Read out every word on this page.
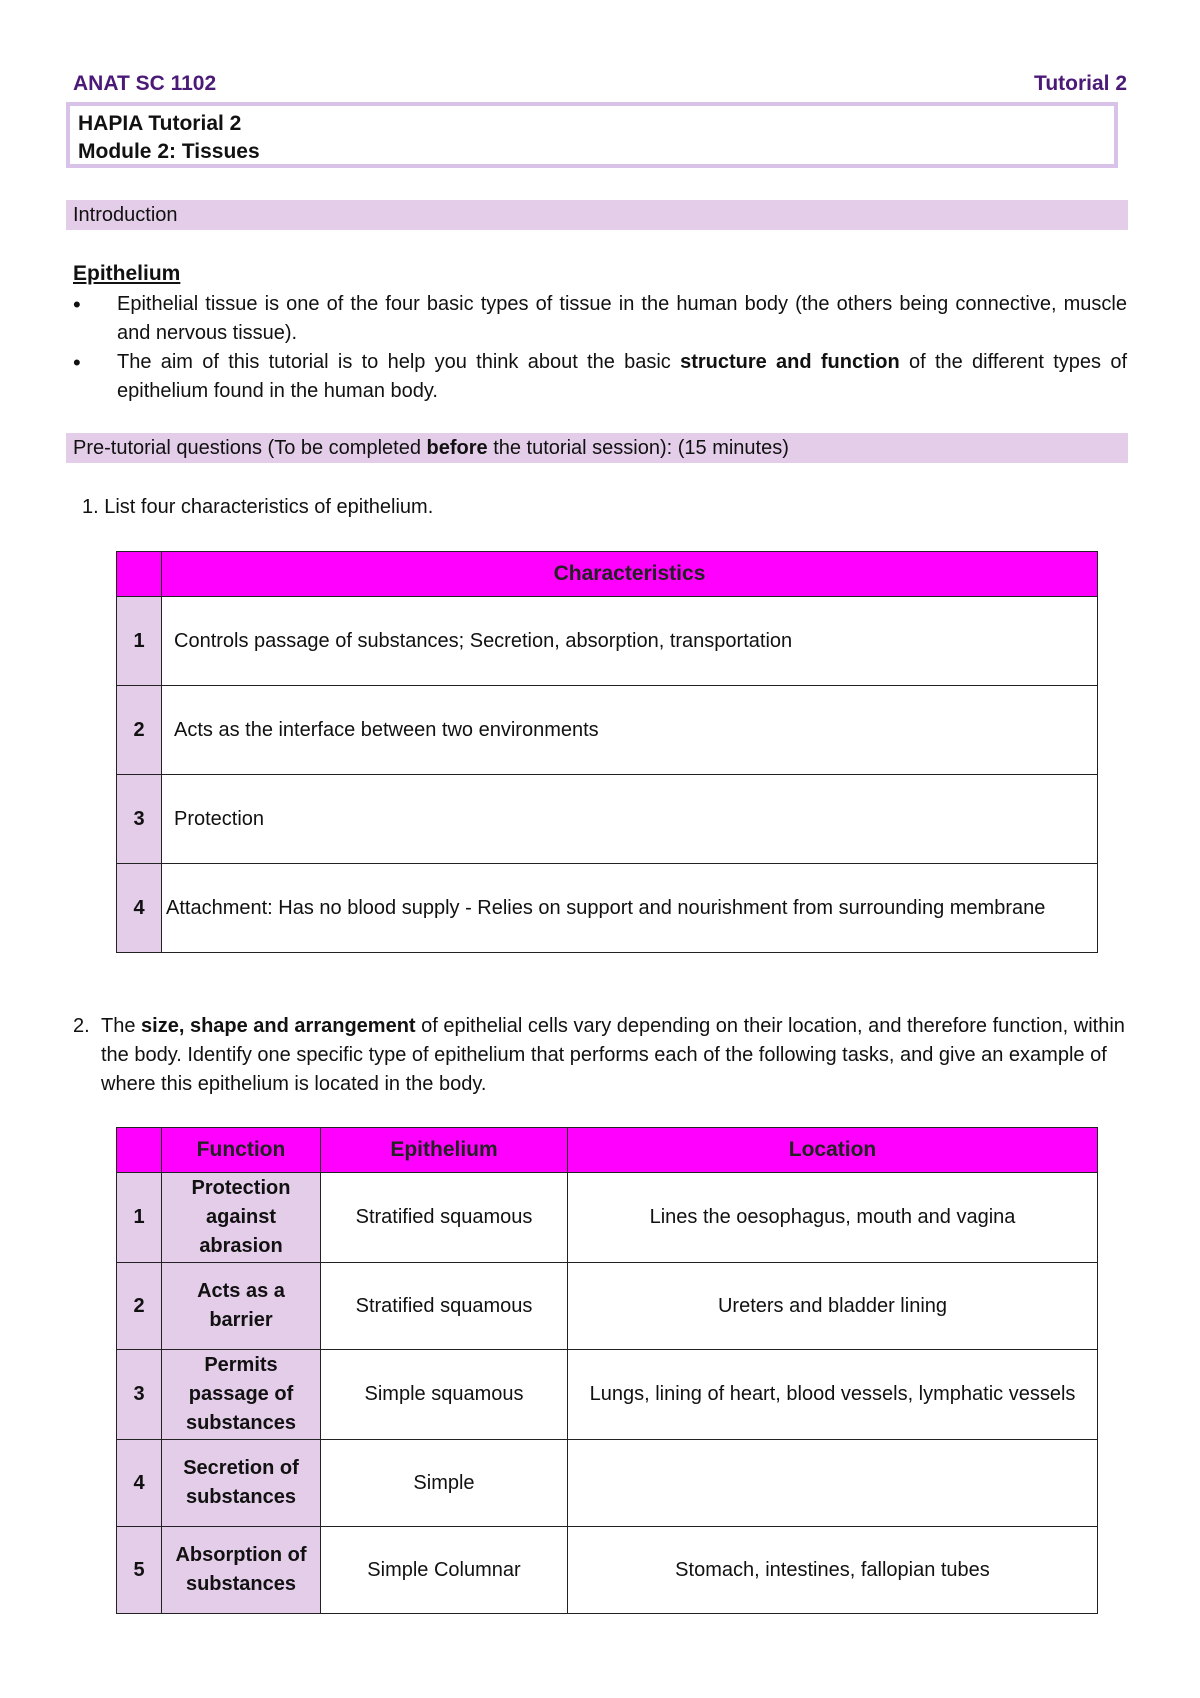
ANAT SC 1102	Tutorial 2
HAPIA Tutorial 2
Module 2: Tissues
Introduction
Epithelium
•	Epithelial tissue is one of the four basic types of tissue in the human body (the others being connective, muscle and nervous tissue).
•	The aim of this tutorial is to help you think about the basic structure and function of the different types of epithelium found in the human body.
Pre-tutorial questions (To be completed before the tutorial session): (15 minutes)
1. List four characteristics of epithelium.
	Characteristics
1	Controls passage of substances; Secretion, absorption, transportation
2	Acts as the interface between two environments
3	Protection
4	Attachment: Has no blood supply - Relies on support and nourishment from surrounding membrane
2. The size, shape and arrangement of epithelial cells vary depending on their location, and therefore function, within the body. Identify one specific type of epithelium that performs each of the following tasks, and give an example of where this epithelium is located in the body.
	Function	Epithelium	Location
1	Protection against abrasion	Stratified squamous	Lines the oesophagus, mouth and vagina
2	Acts as a barrier	Stratified squamous	Ureters and bladder lining
3	Permits passage of substances	Simple squamous	Lungs, lining of heart, blood vessels, lymphatic vessels
4	Secretion of substances	Simple	
5	Absorption of substances	Simple Columnar	Stomach, intestines, fallopian tubes
